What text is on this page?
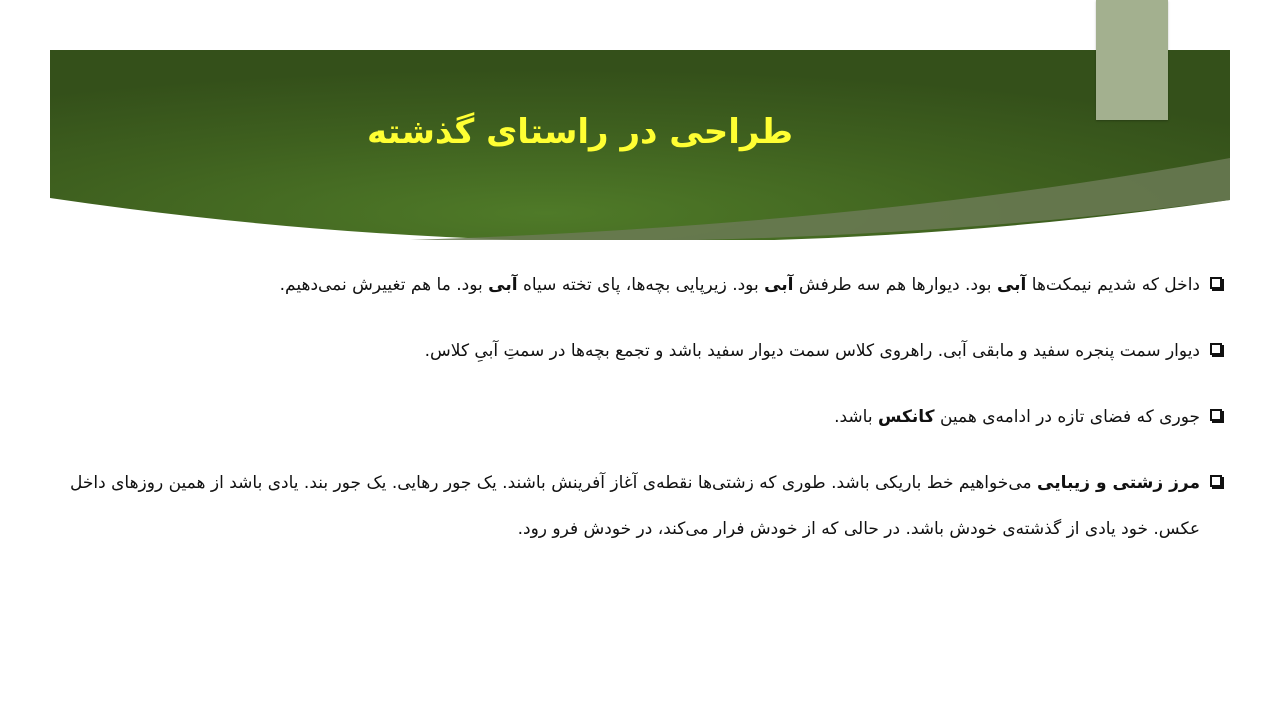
طراحی در راستای گذشته
داخل که شدیم نیمکت‌ها آبی بود. دیوارها هم سه طرفش آبی بود. زیرپایی بچه‌ها، پای تخته سیاه آبی بود. ما هم تغییرش نمی‌دهیم.
دیوار سمت پنجره سفید و مابقی آبی. راهروی کلاس سمت دیوار سفید باشد و تجمع بچه‌ها در سمتِ آبیِ کلاس.
جوری که فضای تازه در ادامه‌ی همین کانکس باشد.
مرز زشتی و زیبایی می‌خواهیم خط باریکی باشد. طوری که زشتی‌ها نقطه‌ی آغاز آفرینش باشند. یک جور رهایی. یک جور بند. یادی باشد از همین روزهای داخل عکس. خود یادی از گذشته‌ی خودش باشد. در حالی که از خودش فرار می‌کند، در خودش فرو رود.
